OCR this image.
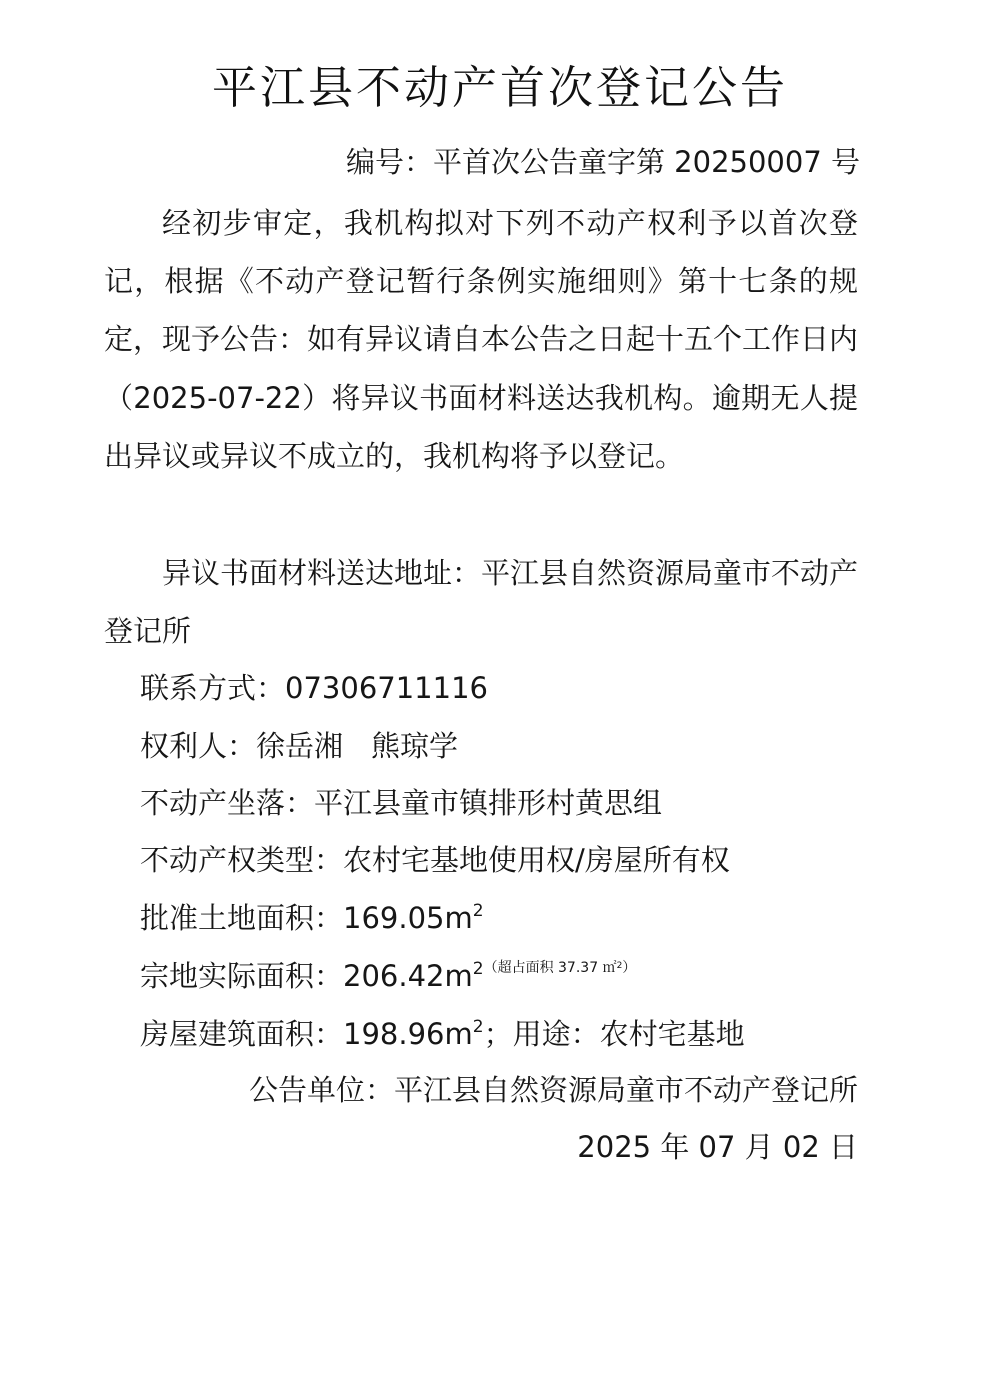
平江县不动产首次登记公告
编号：平首次公告童字第 20250007 号

经初步审定，我机构拟对下列不动产权利予以首次登记，根据《不动产登记暂行条例实施细则》第十七条的规定，现予公告：如有异议请自本公告之日起十五个工作日内（2025-07-22）将异议书面材料送达我机构。逾期无人提出异议或异议不成立的，我机构将予以登记。

异议书面材料送达地址：平江县自然资源局童市不动产登记所

联系方式：07306711116
权利人：徐岳湘 熊琼学
不动产坐落：平江县童市镇排形村黄思组
不动产权类型：农村宅基地使用权/房屋所有权
批准土地面积：$169.05m^2$
宗地实际面积：206.42m$^{2(超占面积 37.37 ㎡^2)}$
房屋建筑面积：$198.96m^2$；用途：农村宅基地
公告单位：平江县自然资源局童市不动产登记所
2025 年 07 月 02 日
